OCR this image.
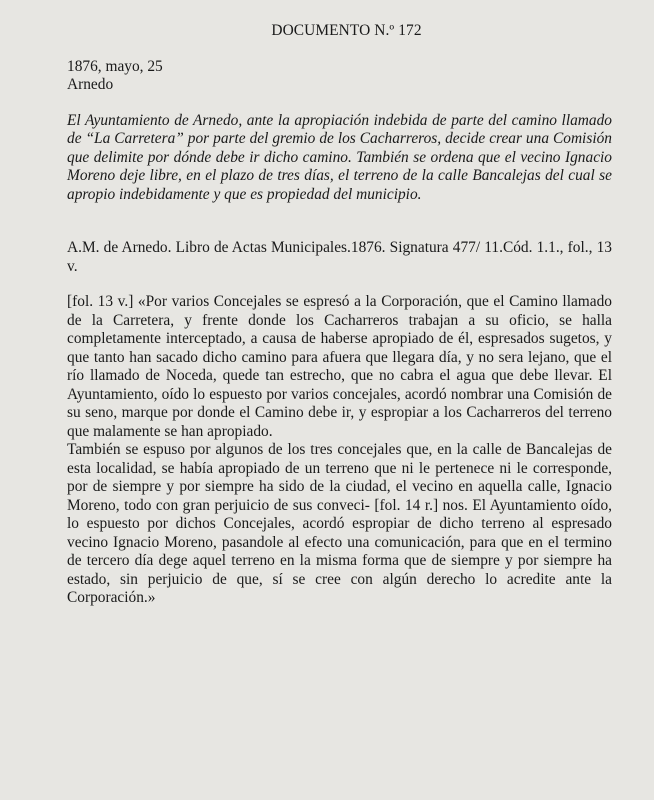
DOCUMENTO N.º 172

1876, mayo, 25

Arnedo

El Ayuntamiento de Arnedo, ante la apropiación indebida de parte del camino llamado de “La Carretera” por parte del gremio de los Cacharreros, decide crear una Comisión que delimite por dónde debe ir dicho camino. También se ordena que el vecino Ignacio Moreno deje libre, en el plazo de tres días, el terreno de la calle Bancalejas del cual se apropio indebidamente y que es propiedad del municipio.

A.M. de Arnedo. Libro de Actas Municipales.1876. Signatura 477/ 11.Cód. 1.1., fol., 13 v.

[fol. 13 v.] «Por varios Concejales se espresó a la Corporación, que el Camino llamado de la Carretera, y frente donde los Cacharreros trabajan a su oficio, se halla completamente interceptado, a causa de haberse apropiado de él, espresados sugetos, y que tanto han sacado dicho camino para afuera que llegara día, y no sera lejano, que el río llamado de Noceda, quede tan estrecho, que no cabra el agua que debe llevar. El Ayuntamiento, oído lo espuesto por varios concejales, acordó nombrar una Comisión de su seno, marque por donde el Camino debe ir, y espropiar a los Cacharreros del terreno que malamente se han apropiado.

También se espuso por algunos de los tres concejales que, en la calle de Bancalejas de esta localidad, se había apropiado de un terreno que ni le pertenece ni le corresponde, por de siempre y por siempre ha sido de la ciudad, el vecino en aquella calle, Ignacio Moreno, todo con gran perjuicio de sus conveci- [fol. 14 r.] nos. El Ayuntamiento oído, lo espuesto por dichos Concejales, acordó espropiar de dicho terreno al espresado vecino Ignacio Moreno, pasandole al efecto una comunicación, para que en el termino de tercero día dege aquel terreno en la misma forma que de siempre y por siempre ha estado, sin perjuicio de que, sí se cree con algún derecho lo acredite ante la Corporación.»
